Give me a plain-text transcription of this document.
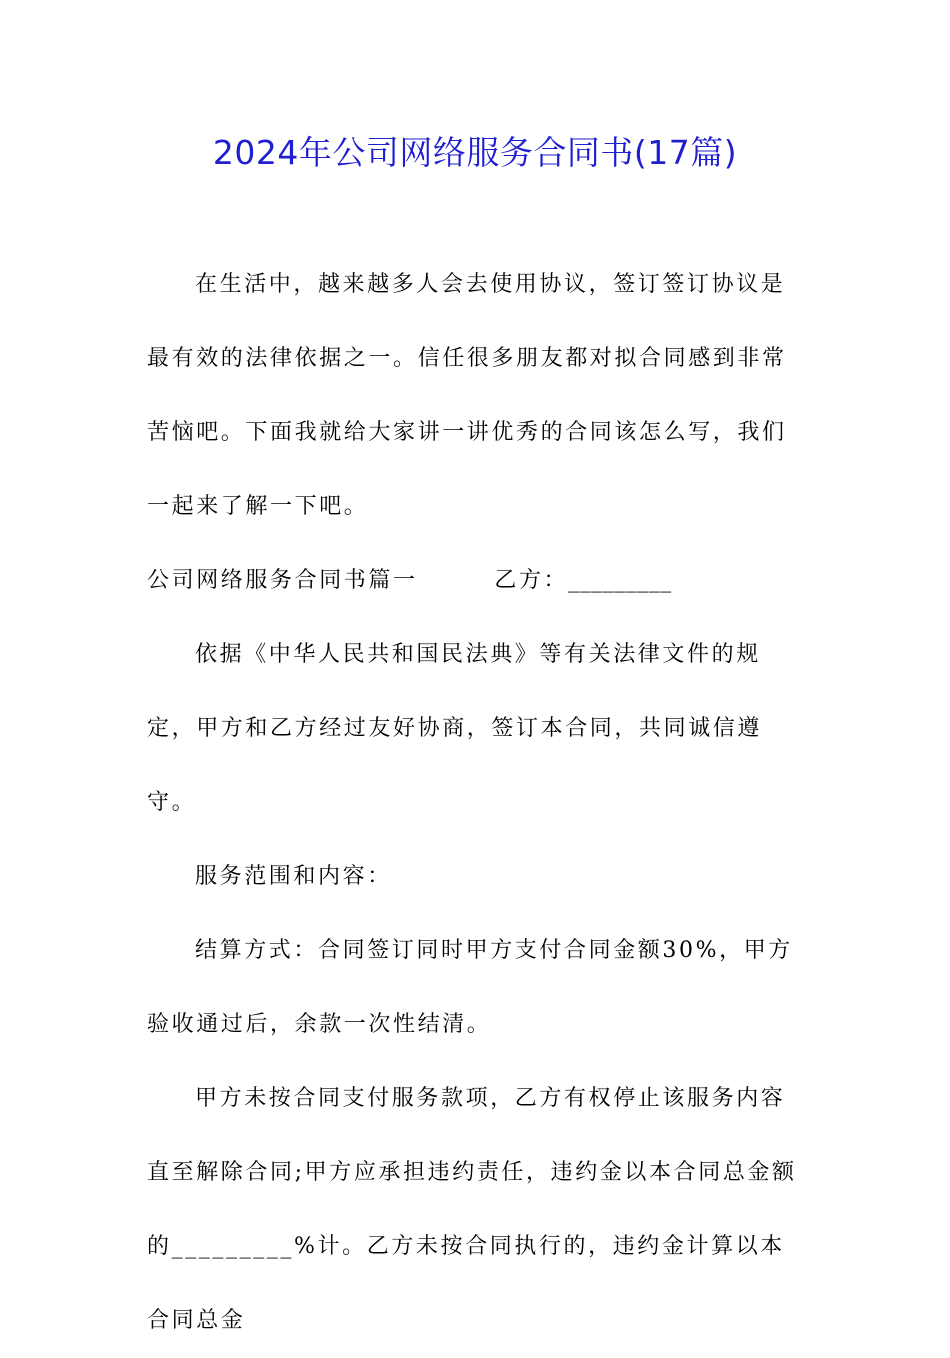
2024年公司网络服务合同书(17篇)

在生活中，越来越多人会去使用协议，签订签订协议是最有效的法律依据之一。信任很多朋友都对拟合同感到非常苦恼吧。下面我就给大家讲一讲优秀的合同该怎么写，我们一起来了解一下吧。

公司网络服务合同书篇一	乙方：_________

依据《中华人民共和国民法典》等有关法律文件的规定，甲方和乙方经过友好协商，签订本合同，共同诚信遵守。

服务范围和内容：

结算方式：合同签订同时甲方支付合同金额30%，甲方验收通过后，余款一次性结清。

甲方未按合同支付服务款项，乙方有权停止该服务内容直至解除合同;甲方应承担违约责任，违约金以本合同总金额的_________%计。乙方未按合同执行的，违约金计算以本合同总金
